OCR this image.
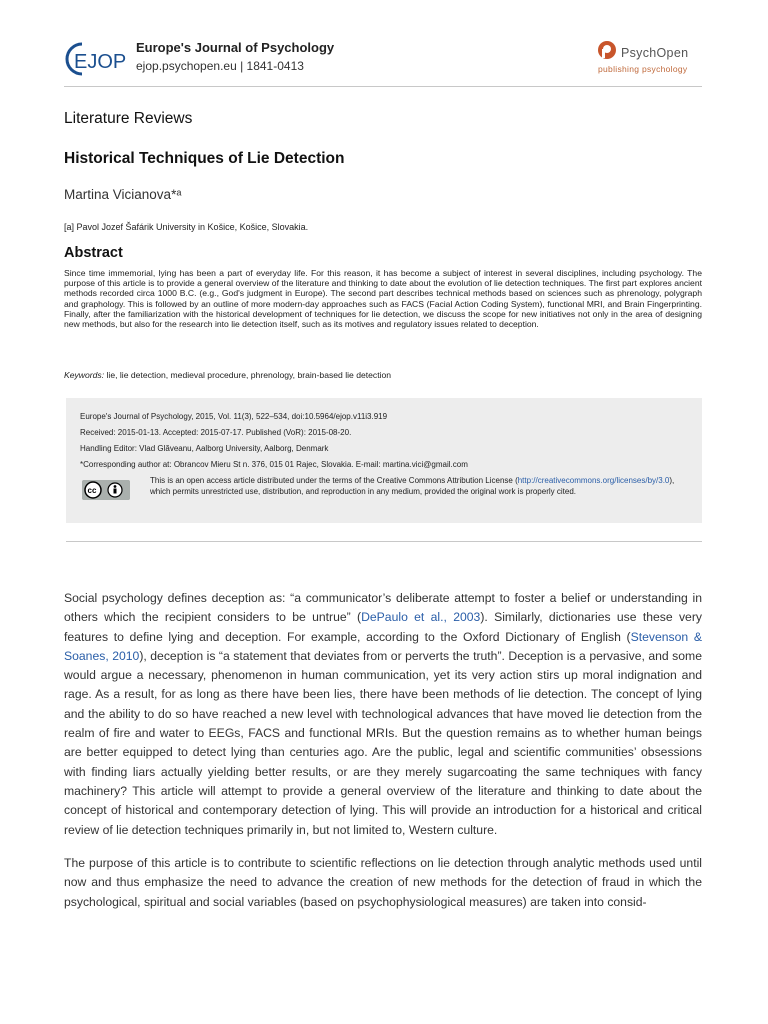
EJOP
Europe's Journal of Psychology
ejop.psychopen.eu | 1841-0413
PsychOpen
publishing psychology
Literature Reviews
Historical Techniques of Lie Detection
Martina Vicianova*ᵃ
[a] Pavol Jozef Šafárik University in Košice, Košice, Slovakia.
Abstract
Since time immemorial, lying has been a part of everyday life. For this reason, it has become a subject of interest in several disciplines, including psychology. The purpose of this article is to provide a general overview of the literature and thinking to date about the evolution of lie detection techniques. The first part explores ancient methods recorded circa 1000 B.C. (e.g., God's judgment in Europe). The second part describes technical methods based on sciences such as phrenology, polygraph and graphology. This is followed by an outline of more modern-day approaches such as FACS (Facial Action Coding System), functional MRI, and Brain Fingerprinting. Finally, after the familiarization with the historical development of techniques for lie detection, we discuss the scope for new initiatives not only in the area of designing new methods, but also for the research into lie detection itself, such as its motives and regulatory issues related to deception.
Keywords: lie, lie detection, medieval procedure, phrenology, brain-based lie detection
Europe's Journal of Psychology, 2015, Vol. 11(3), 522–534, doi:10.5964/ejop.v11i3.919
Received: 2015-01-13. Accepted: 2015-07-17. Published (VoR): 2015-08-20.
Handling Editor: Vlad Glăveanu, Aalborg University, Aalborg, Denmark
*Corresponding author at: Obrancov Mieru St n. 376, 015 01 Rajec, Slovakia. E-mail: martina.vici@gmail.com
cc
This is an open access article distributed under the terms of the Creative Commons Attribution License (http://creativecommons.org/licenses/by/3.0), which permits unrestricted use, distribution, and reproduction in any medium, provided the original work is properly cited.
Social psychology defines deception as: “a communicator’s deliberate attempt to foster a belief or understanding in others which the recipient considers to be untrue” (DePaulo et al., 2003). Similarly, dictionaries use these very features to define lying and deception. For example, according to the Oxford Dictionary of English (Stevenson & Soanes, 2010), deception is “a statement that deviates from or perverts the truth”. Deception is a pervasive, and some would argue a necessary, phenomenon in human communication, yet its very action stirs up moral indignation and rage. As a result, for as long as there have been lies, there have been methods of lie detection. The concept of lying and the ability to do so have reached a new level with technological advances that have moved lie detection from the realm of fire and water to EEGs, FACS and functional MRIs. But the question remains as to whether human beings are better equipped to detect lying than centuries ago. Are the public, legal and scientific communities’ obsessions with finding liars actually yielding better results, or are they merely sugarcoating the same techniques with fancy machinery? This article will attempt to provide a general overview of the literature and thinking to date about the concept of historical and contemporary detection of lying. This will provide an introduction for a historical and critical review of lie detection techniques primarily in, but not limited to, Western culture.
The purpose of this article is to contribute to scientific reflections on lie detection through analytic methods used until now and thus emphasize the need to advance the creation of new methods for the detection of fraud in which the psychological, spiritual and social variables (based on psychophysiological measures) are taken into consid-
